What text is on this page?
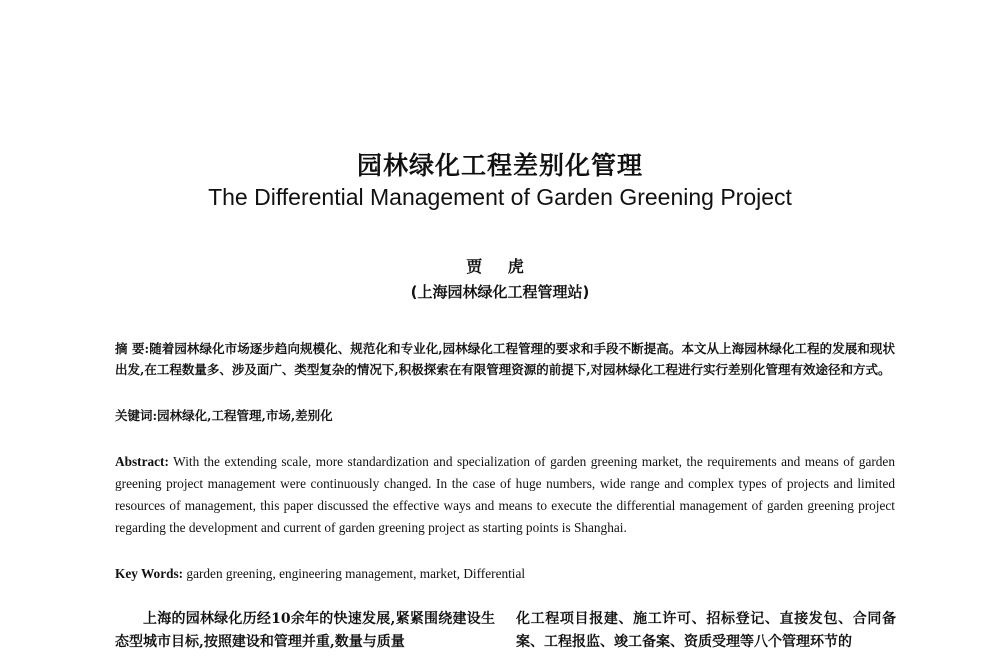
园林绿化工程差别化管理
The Differential Management of Garden Greening Project
贾 虎
(上海园林绿化工程管理站)
摘 要:随着园林绿化市场逐步趋向规模化、规范化和专业化,园林绿化工程管理的要求和手段不断提高。本文从上海园林绿化工程的发展和现状出发,在工程数量多、涉及面广、类型复杂的情况下,积极探索在有限管理资源的前提下,对园林绿化工程进行实行差别化管理有效途径和方式。
关键词:园林绿化,工程管理,市场,差别化
Abstract: With the extending scale, more standardization and specialization of garden greening market, the requirements and means of garden greening project management were continuously changed. In the case of huge numbers, wide range and complex types of projects and limited resources of management, this paper discussed the effective ways and means to execute the differential management of garden greening project regarding the development and current of garden greening project as starting points is Shanghai.
Key Words: garden greening, engineering management, market, Differential
上海的园林绿化历经10余年的快速发展,紧紧围绕建设生态型城市目标,按照建设和管理并重,数量与质量
化工程项目报建、施工许可、招标登记、直接发包、合同备案、工程报监、竣工备案、资质受理等八个管理环节的
